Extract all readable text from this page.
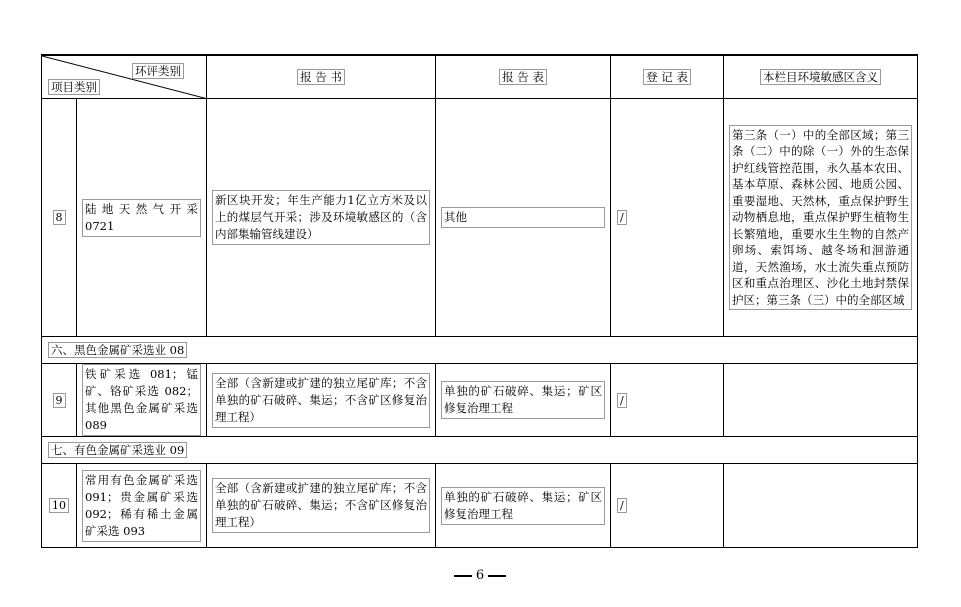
环评类别
项目类别		报 告 书	报 告 表	登 记 表	本栏目环境敏感区含义
8	陆地天然气开采 0721	新区块开发；年生产能力1亿立方米及以上的煤层气开采；涉及环境敏感区的（含内部集输管线建设）	其他	/	第三条（一）中的全部区域；第三条（二）中的除（一）外的生态保护红线管控范围，永久基本农田、基本草原、森林公园、地质公园、重要湿地、天然林，重点保护野生动物栖息地，重点保护野生植物生长繁殖地，重要水生生物的自然产卵场、索饵场、越冬场和洄游通道，天然渔场，水土流失重点预防区和重点治理区、沙化土地封禁保护区；第三条（三）中的全部区域

六、黑色金属矿采选业 08					
9	铁矿采选 081；锰矿、铬矿采选 082；其他黑色金属矿采选 089	全部（含新建或扩建的独立尾矿库；不含单独的矿石破碎、集运；不含矿区修复治理工程）	单独的矿石破碎、集运；矿区修复治理工程	/	
七、有色金属矿采选业 09					
10	常用有色金属矿采选 091；贵金属矿采选 092；稀有稀土金属矿采选 093	全部（含新建或扩建的独立尾矿库；不含单独的矿石破碎、集运；不含矿区修复治理工程）	单独的矿石破碎、集运；矿区修复治理工程	/	
6
